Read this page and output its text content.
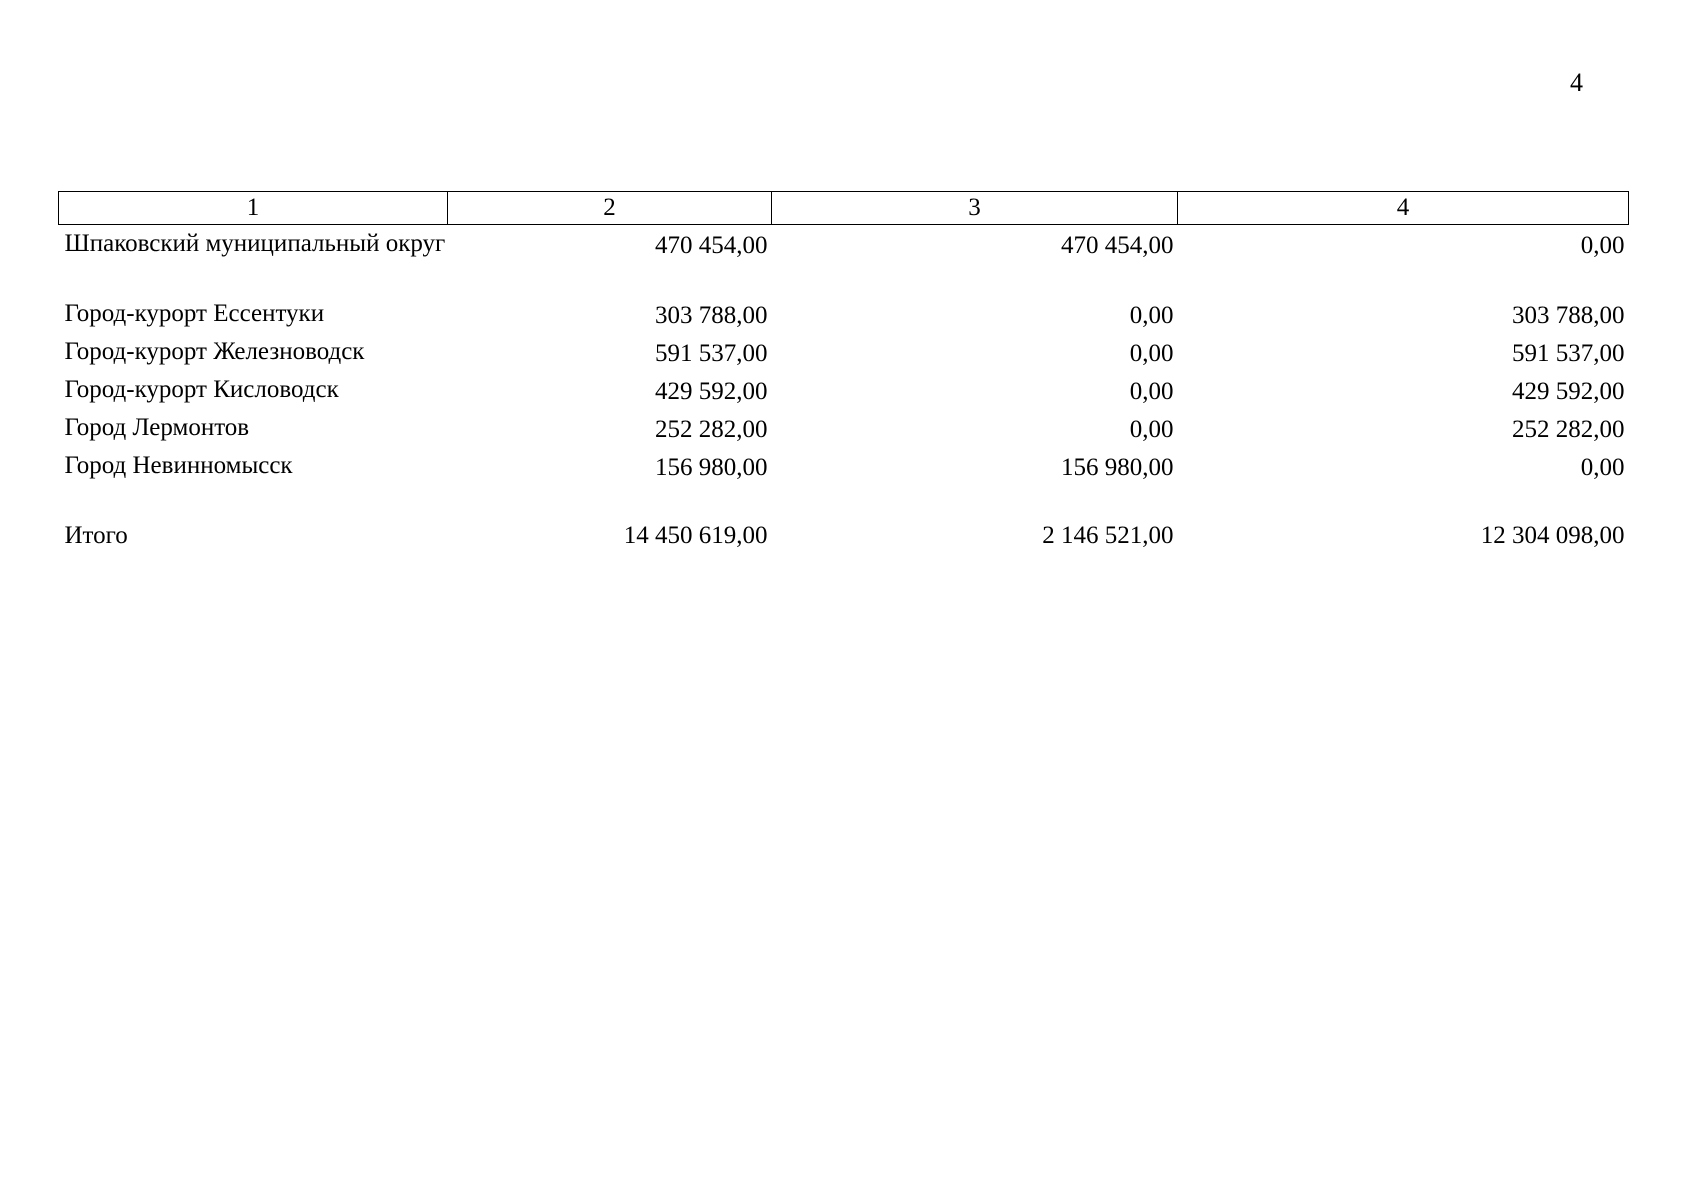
4
1	2	3	4
Шпаковский муниципальный округ	470 454,00	470 454,00	0,00
Город-курорт Ессентуки	303 788,00	0,00	303 788,00
Город-курорт Железноводск	591 537,00	0,00	591 537,00
Город-курорт Кисловодск	429 592,00	0,00	429 592,00
Город Лермонтов	252 282,00	0,00	252 282,00
Город Невинномысск	156 980,00	156 980,00	0,00
Итого	14 450 619,00	2 146 521,00	12 304 098,00
